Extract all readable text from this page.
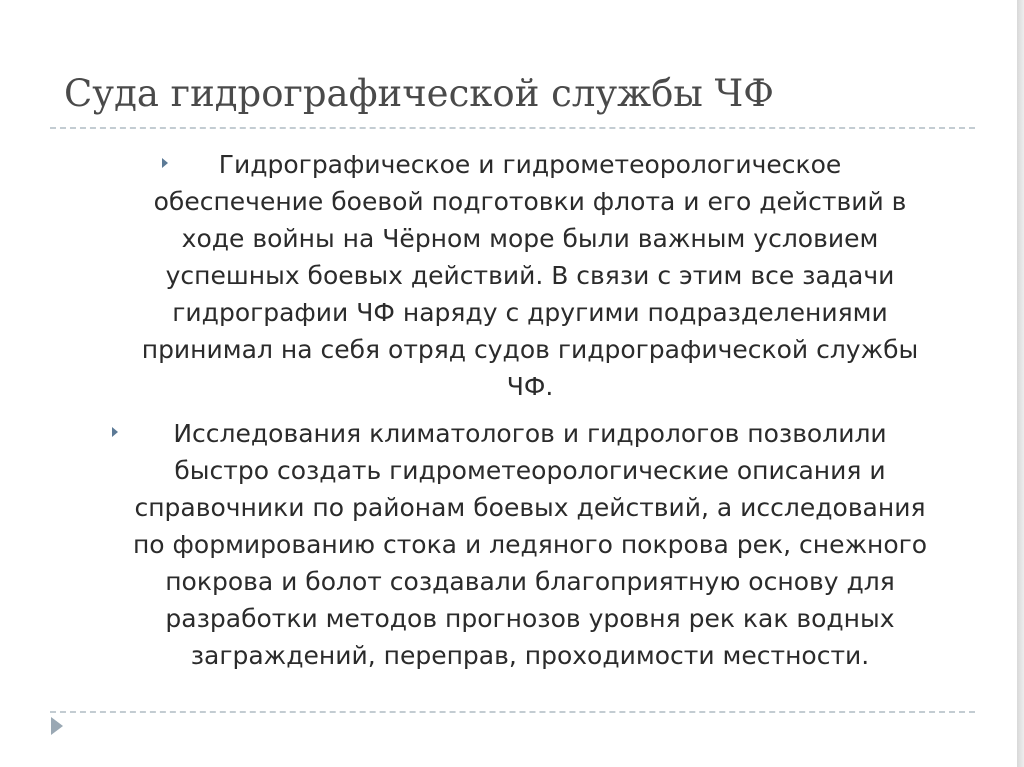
Суда гидрографической службы ЧФ

Гидрографическое и гидрометеорологическое
обеспечение боевой подготовки флота и его действий в
ходе войны на Чёрном море были важным условием
успешных боевых действий. В связи с этим все задачи
гидрографии ЧФ наряду с другими подразделениями
принимал на себя отряд судов гидрографической службы
ЧФ.

Исследования климатологов и гидрологов позволили
быстро создать гидрометеорологические описания и
справочники по районам боевых действий, а исследования
по формированию стока и ледяного покрова рек, снежного
покрова и болот создавали благоприятную основу для
разработки методов прогнозов уровня рек как водных
заграждений, переправ, проходимости местности.
